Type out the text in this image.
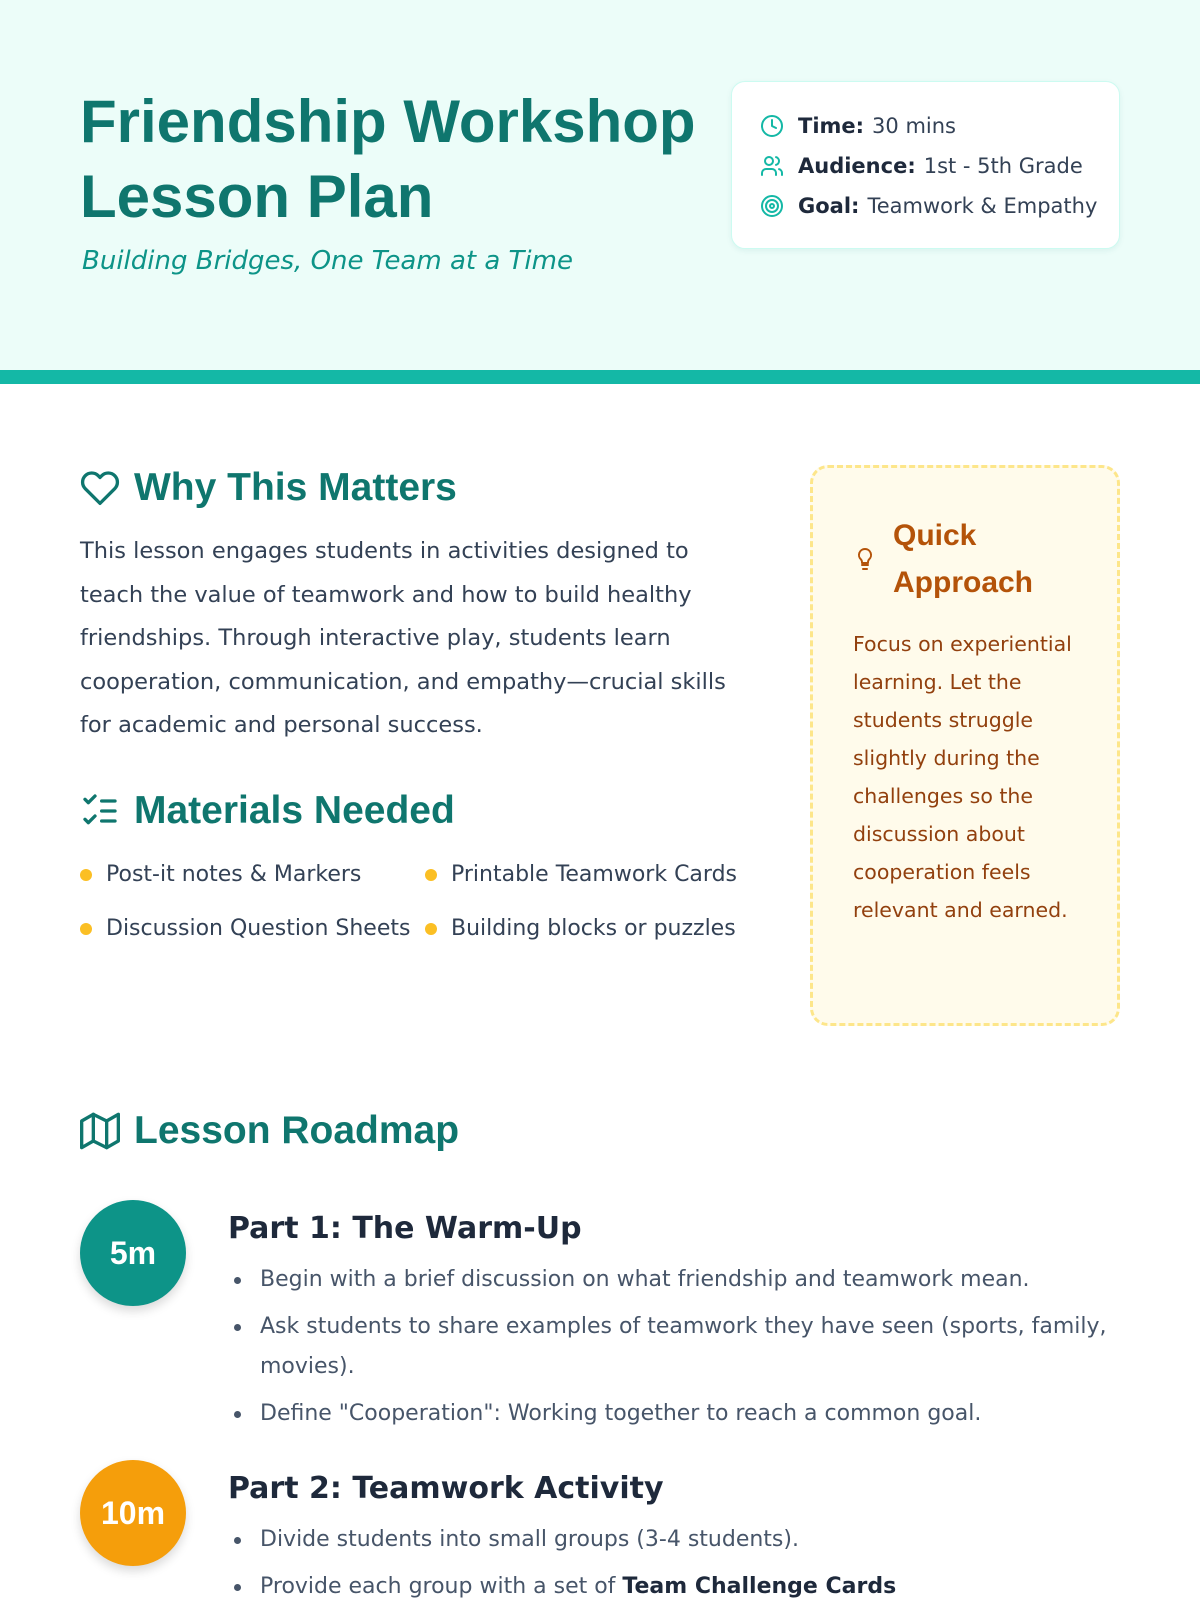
Friendship Workshop Lesson Plan

Building Bridges, One Team at a Time

Time: 30 mins
Audience: 1st - 5th Grade
Goal: Teamwork & Empathy
Why This Matters

This lesson engages students in activities designed to teach the value of teamwork and how to build healthy friendships. Through interactive play, students learn cooperation, communication, and empathy—crucial skills for academic and personal success.

Materials Needed
Post-it notes & Markers	Printable Teamwork Cards
Discussion Question Sheets Building blocks or puzzles
Quick Approach

Focus on experiential learning. Let the students struggle slightly during the challenges so the discussion about cooperation feels relevant and earned.

Lesson Roadmap
5m
Part 1: The Warm-Up
Begin with a brief discussion on what friendship and teamwork mean.
Ask students to share examples of teamwork they have seen (sports, family, movies).
Define "Cooperation": Working together to reach a common goal.
10m
Part 2: Teamwork Activity
Divide students into small groups (3-4 students).
Provide each group with a set of Team Challenge Cards
